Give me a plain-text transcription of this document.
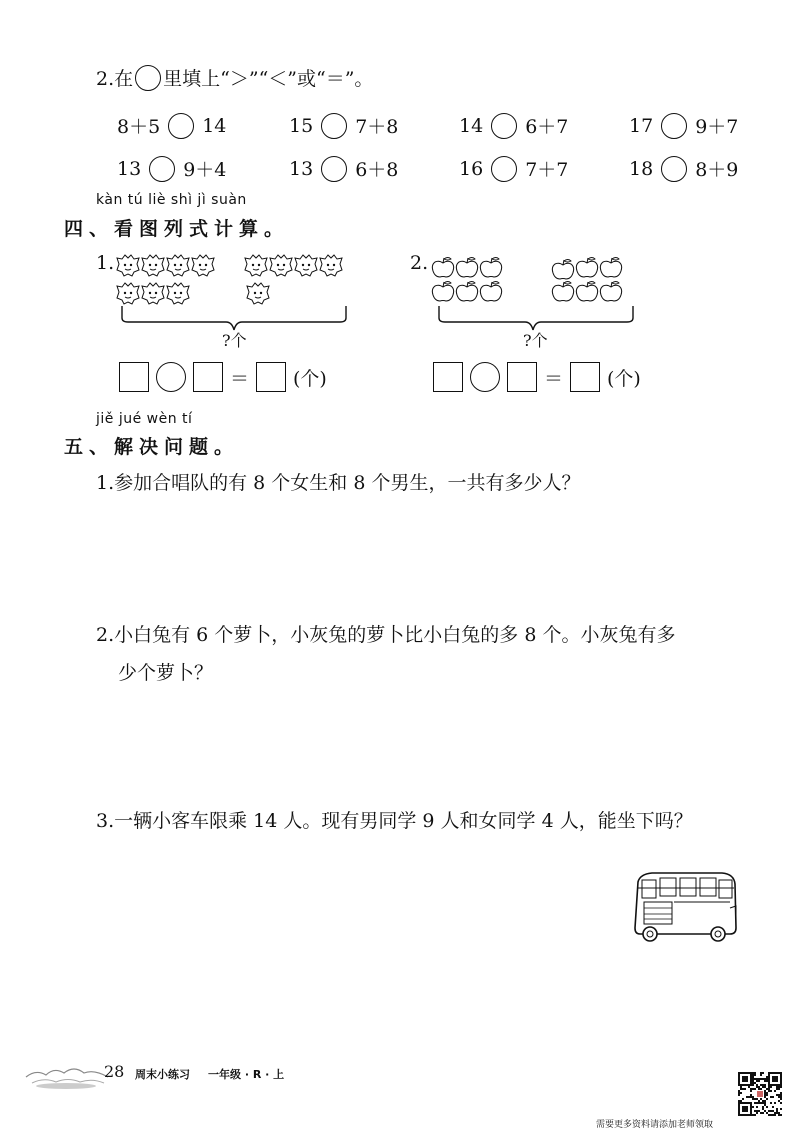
2.在 里填上“＞”“＜”或“＝”。
8＋5 14	15 7＋8	14 6＋7	17 9＋7
13 9＋4	13 6＋8	16 7＋7	18 8＋9
kàn tú liè shì jì suàn
四、看图列式计算。
1.
?个
2.
?个
＝ (个)	＝ (个)
jiě jué wèn tí
五、解决问题。
1.参加合唱队的有 8 个女生和 8 个男生，一共有多少人？
2.小白兔有 6 个萝卜，小灰兔的萝卜比小白兔的多 8 个。小灰兔有多
少个萝卜？
3.一辆小客车限乘 14 人。现有男同学 9 人和女同学 4 人，能坐下吗？
28 周末小练习 一年级 · R · 上
需要更多资料请添加老师领取
